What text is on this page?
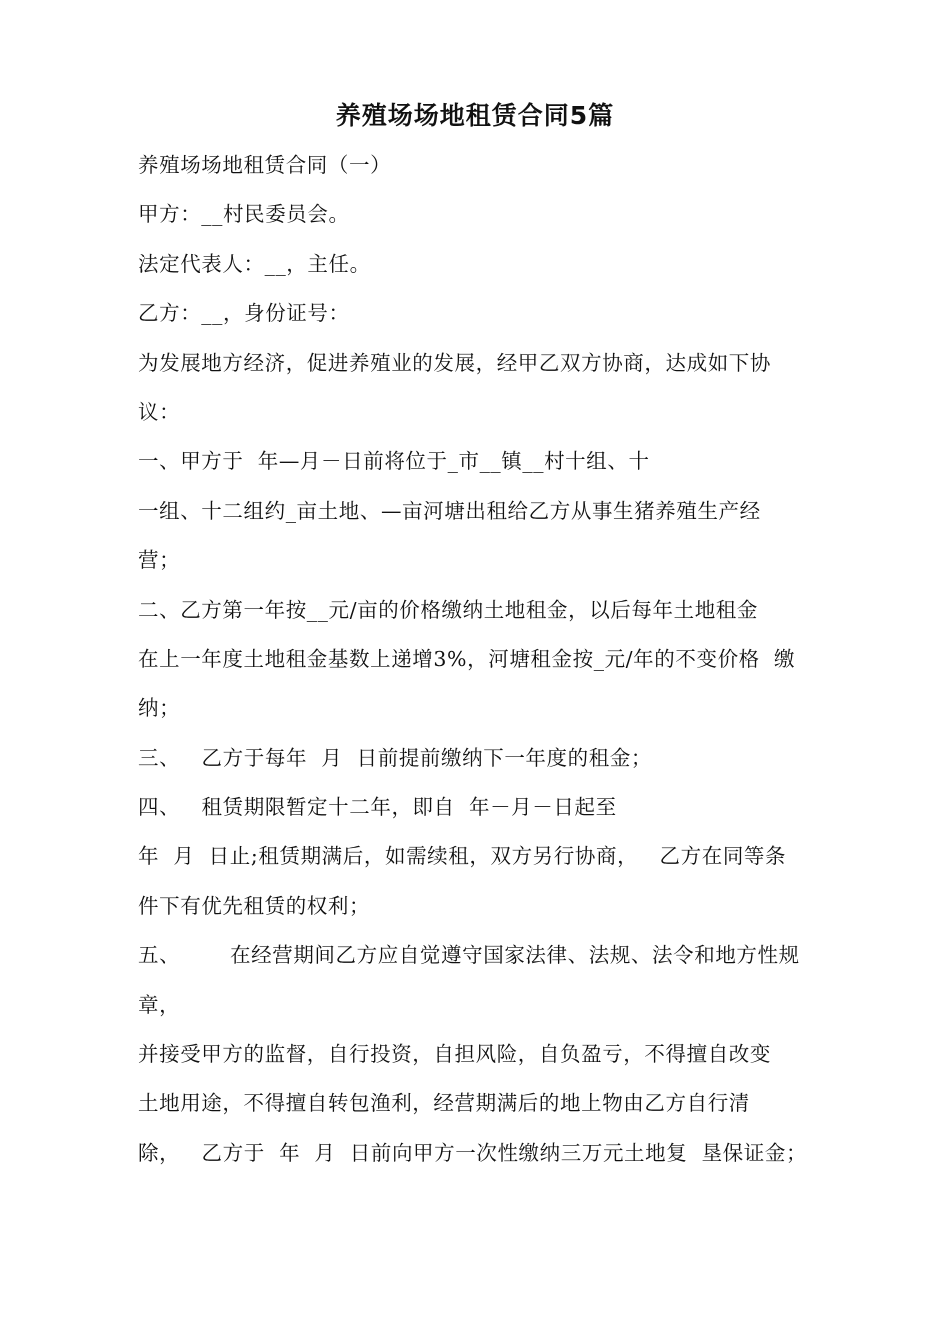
养殖场场地租赁合同5篇
养殖场场地租赁合同（一）
甲方：__村民委员会。
法定代表人：__，主任。
乙方：__，身份证号：
为发展地方经济，促进养殖业的发展，经甲乙双方协商，达成如下协
议：
一、甲方于  年—月－日前将位于_市__镇__村十组、十
一组、十二组约_亩土地、—亩河塘出租给乙方从事生猪养殖生产经
营；
二、乙方第一年按__元/亩的价格缴纳土地租金，以后每年土地租金
在上一年度土地租金基数上递增3%，河塘租金按_元/年的不变价格  缴
纳；
三、   乙方于每年  月  日前提前缴纳下一年度的租金；
四、   租赁期限暂定十二年，即自  年－月－日起至
年  月  日止;租赁期满后，如需续租，双方另行协商，   乙方在同等条
件下有优先租赁的权利；
五、       在经营期间乙方应自觉遵守国家法律、法规、法令和地方性规
章，
并接受甲方的监督，自行投资，自担风险，自负盈亏，不得擅自改变
土地用途，不得擅自转包渔利，经营期满后的地上物由乙方自行清
除，   乙方于  年  月  日前向甲方一次性缴纳三万元土地复  垦保证金；
